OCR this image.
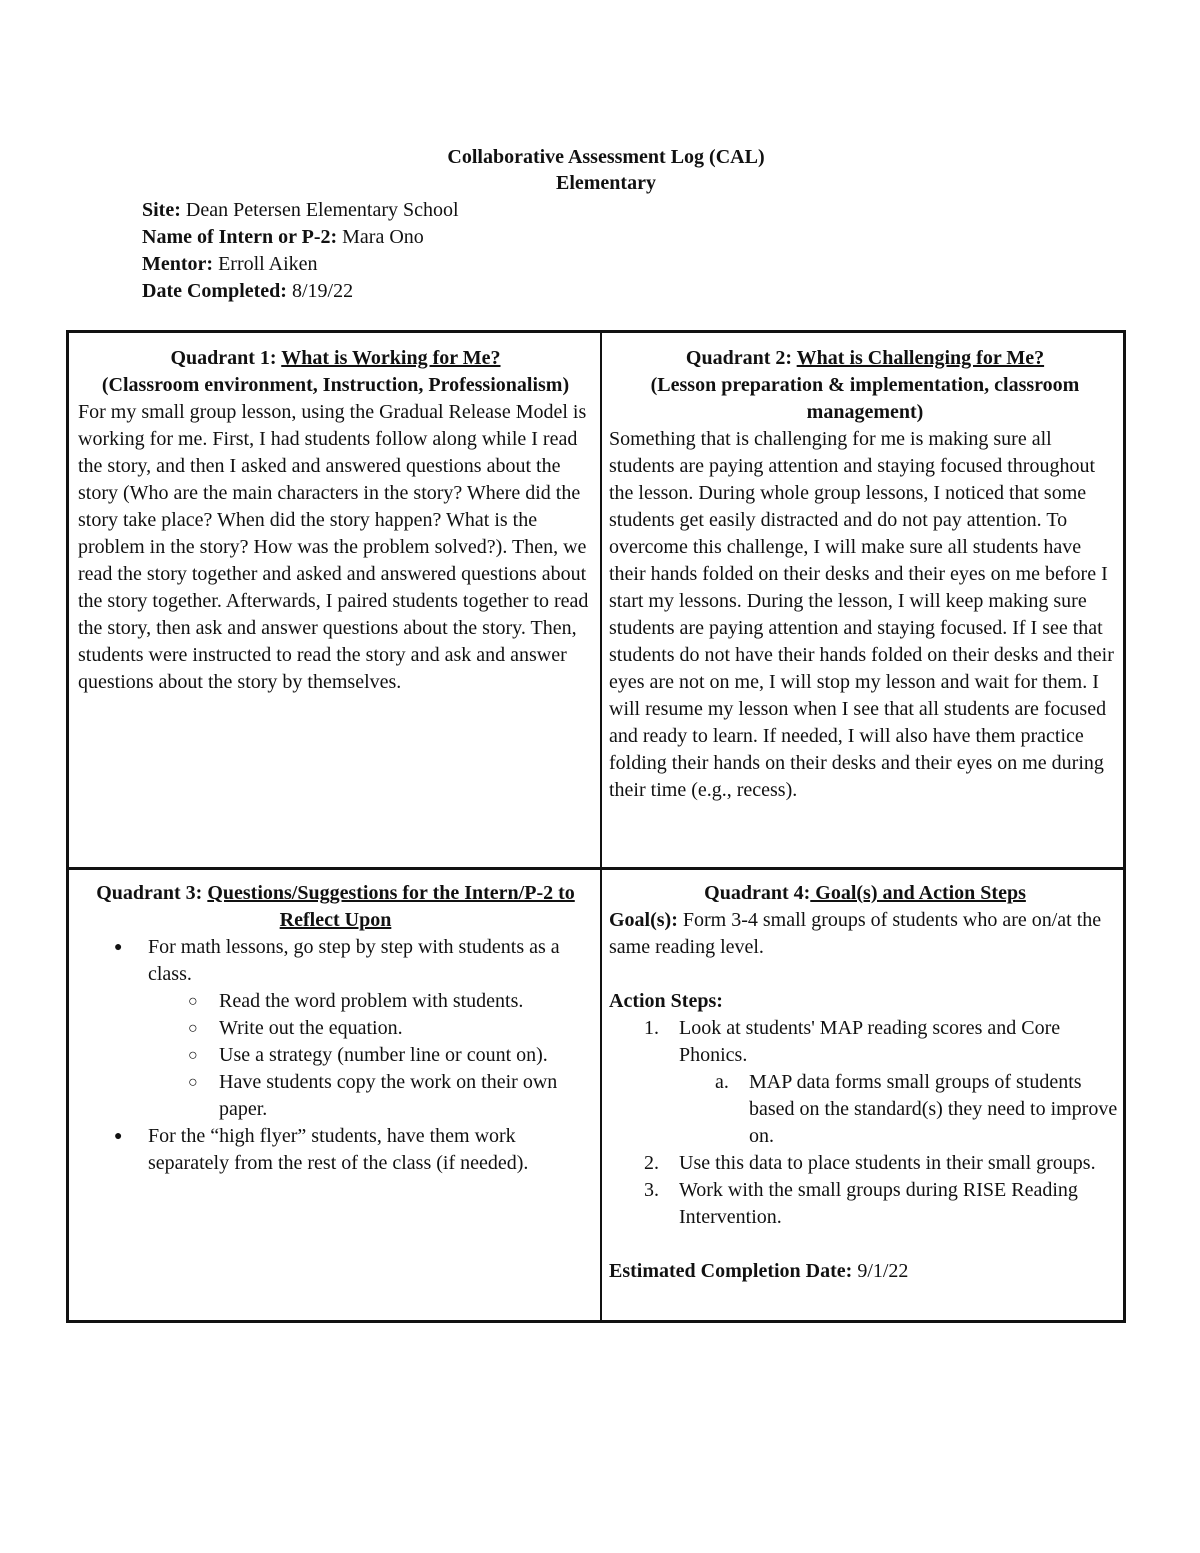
Collaborative Assessment Log (CAL)
Elementary
Site: Dean Petersen Elementary School
Name of Intern or P-2: Mara Ono
Mentor: Erroll Aiken
Date Completed: 8/19/22
Quadrant 1: What is Working for Me?
(Classroom environment, Instruction, Professionalism)

For my small group lesson, using the Gradual Release Model is working for me. First, I had students follow along while I read the story, and then I asked and answered questions about the story (Who are the main characters in the story? Where did the story take place? When did the story happen? What is the problem in the story? How was the problem solved?). Then, we read the story together and asked and answered questions about the story together. Afterwards, I paired students together to read the story, then ask and answer questions about the story. Then, students were instructed to read the story and ask and answer questions about the story by themselves.

Quadrant 2: What is Challenging for Me?
(Lesson preparation & implementation, classroom management)

Something that is challenging for me is making sure all students are paying attention and staying focused throughout the lesson. During whole group lessons, I noticed that some students get easily distracted and do not pay attention. To overcome this challenge, I will make sure all students have their hands folded on their desks and their eyes on me before I start my lessons. During the lesson, I will keep making sure students are paying attention and staying focused. If I see that students do not have their hands folded on their desks and their eyes are not on me, I will stop my lesson and wait for them. I will resume my lesson when I see that all students are focused and ready to learn. If needed, I will also have them practice folding their hands on their desks and their eyes on me during their time (e.g., recess).

Quadrant 3: Questions/Suggestions for the Intern/P-2 to Reflect Upon
● For math lessons, go step by step with students as a class.
○ Read the word problem with students.
○ Write out the equation.
○ Use a strategy (number line or count on).
○ Have students copy the work on their own paper.
● For the “high flyer” students, have them work separately from the rest of the class (if needed).
Quadrant 4: Goal(s) and Action Steps

Goal(s): Form 3-4 small groups of students who are on/at the same reading level.

Action Steps:

1. Look at students' MAP reading scores and Core Phonics.
a. MAP data forms small groups of students based on the standard(s) they need to improve on.
2. Use this data to place students in their small groups.
3. Work with the small groups during RISE Reading Intervention.

Estimated Completion Date: 9/1/22
